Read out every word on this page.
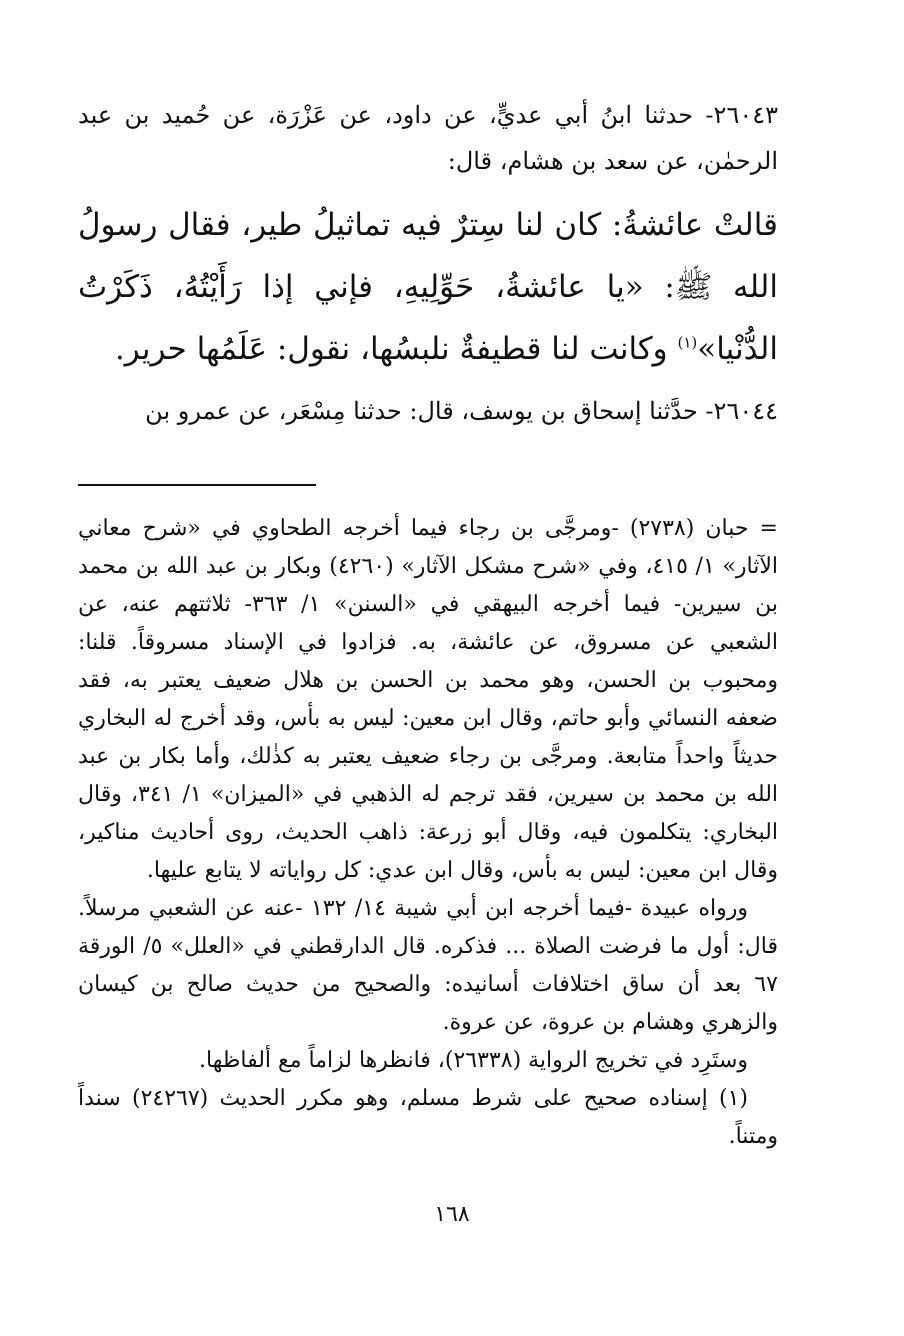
٢٦٠٤٣- حدثنا ابنُ أبي عديٍّ، عن داود، عن عَزْرَة، عن حُميد بن عبد الرحمٰن، عن سعد بن هشام، قال:

قالتْ عائشةُ: كان لنا سِترٌ فيه تماثيلُ طير، فقال رسولُ الله ﷺ: «يا عائشةُ، حَوِّلِيهِ، فإني إذا رَأَيْتُهُ، ذَكَرْتُ الدُّنْيا»$^{(١)}$ وكانت لنا قطيفةٌ نلبسُها، نقول: عَلَمُها حرير.

٢٦٠٤٤- حدَّثنا إسحاق بن يوسف، قال: حدثنا مِسْعَر، عن عمرو بن

= حبان (٢٧٣٨) -ومرجَّى بن رجاء فيما أخرجه الطحاوي في «شرح معاني الآثار» ١/ ٤١٥، وفي «شرح مشكل الآثار» (٤٢٦٠) وبكار بن عبد الله بن محمد بن سيرين- فيما أخرجه البيهقي في «السنن» ١/ ٣٦٣- ثلاثتهم عنه، عن الشعبي عن مسروق، عن عائشة، به. فزادوا في الإسناد مسروقاً. قلنا: ومحبوب بن الحسن، وهو محمد بن الحسن بن هلال ضعيف يعتبر به، فقد ضعفه النسائي وأبو حاتم، وقال ابن معين: ليس به بأس، وقد أخرج له البخاري حديثاً واحداً متابعة. ومرجَّى بن رجاء ضعيف يعتبر به كذٰلك، وأما بكار بن عبد الله بن محمد بن سيرين، فقد ترجم له الذهبي في «الميزان» ١/ ٣٤١، وقال البخاري: يتكلمون فيه، وقال أبو زرعة: ذاهب الحديث، روى أحاديث مناكير، وقال ابن معين: ليس به بأس، وقال ابن عدي: كل رواياته لا يتابع عليها.

ورواه عبيدة -فيما أخرجه ابن أبي شيبة ١٤/ ١٣٢ -عنه عن الشعبي مرسلاً. قال: أول ما فرضت الصلاة ... فذكره. قال الدارقطني في «العلل» ٥/ الورقة ٦٧ بعد أن ساق اختلافات أسانيده: والصحيح من حديث صالح بن كيسان والزهري وهشام بن عروة، عن عروة.

وستَرِد في تخريج الرواية (٢٦٣٣٨)، فانظرها لزاماً مع ألفاظها.

(١) إسناده صحيح على شرط مسلم، وهو مكرر الحديث (٢٤٢٦٧) سنداً ومتناً.

١٦٨
